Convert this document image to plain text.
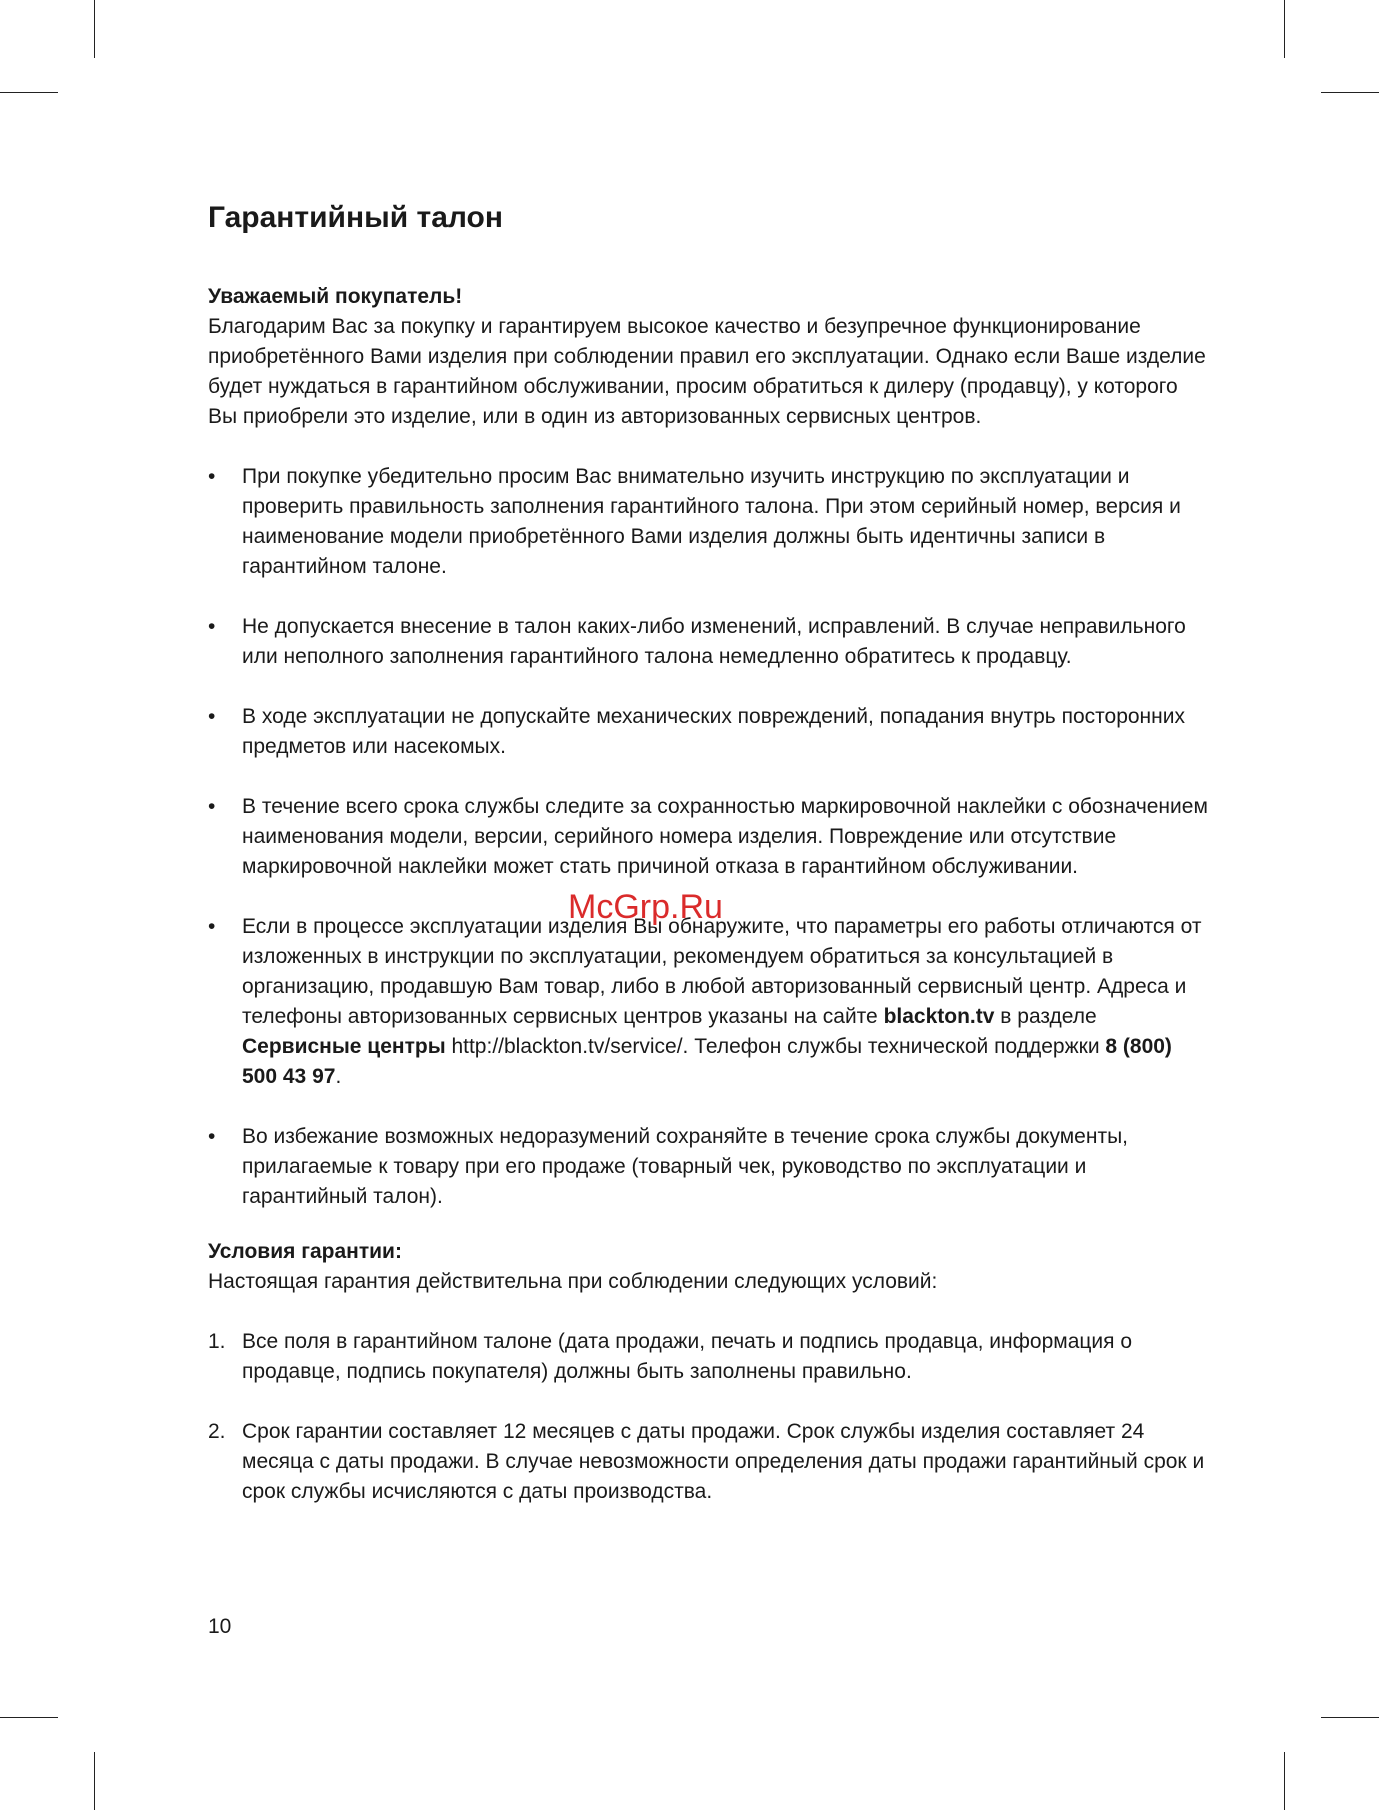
Гарантийный талон

Уважаемый покупатель!

Благодарим Вас за покупку и гарантируем высокое качество и безупречное функционирование приобретённого Вами изделия при соблюдении правил его эксплуатации. Однако если Ваше изделие будет нуждаться в гарантийном обслуживании, просим обратиться к дилеру (продавцу), у которого Вы приобрели это изделие, или в один из авторизованных сервисных центров.

•	При покупке убедительно просим Вас внимательно изучить инструкцию по эксплуатации и проверить правильность заполнения гарантийного талона. При этом серийный номер, версия и наименование модели приобретённого Вами изделия должны быть идентичны записи в гарантийном талоне.
•	Не допускается внесение в талон каких-либо изменений, исправлений. В случае неправильного или неполного заполнения гарантийного талона немедленно обратитесь к продавцу.
•	В ходе эксплуатации не допускайте механических повреждений, попадания внутрь посторонних предметов или насекомых.
•	В течение всего срока службы следите за сохранностью маркировочной наклейки с обозначением наименования модели, версии, серийного номера изделия. Повреждение или отсутствие маркировочной наклейки может стать причиной отказа в гарантийном обслуживании.
•	Если в процессе эксплуатации изделия Вы обнаружите, что параметры его работы отличаются от изложенных в инструкции по эксплуатации, рекомендуем обратиться за консультацией в организацию, продавшую Вам товар, либо в любой авторизованный сервисный центр. Адреса и телефоны авторизованных сервисных центров указаны на сайте blackton.tv в разделе Сервисные центры http://blackton.tv/service/. Телефон службы технической поддержки 8 (800) 500 43 97.
•	Во избежание возможных недоразумений сохраняйте в течение срока службы документы, прилагаемые к товару при его продаже (товарный чек, руководство по эксплуатации и гарантийный талон).

Условия гарантии:

Настоящая гарантия действительна при соблюдении следующих условий:

1. Все поля в гарантийном талоне (дата продажи, печать и подпись продавца, информация о продавце, подпись покупателя) должны быть заполнены правильно.
2. Срок гарантии составляет 12 месяцев с даты продажи. Срок службы изделия составляет 24 месяца с даты продажи. В случае невозможности определения даты продажи гарантийный срок и срок службы исчисляются с даты производства.
10
McGrp.Ru
